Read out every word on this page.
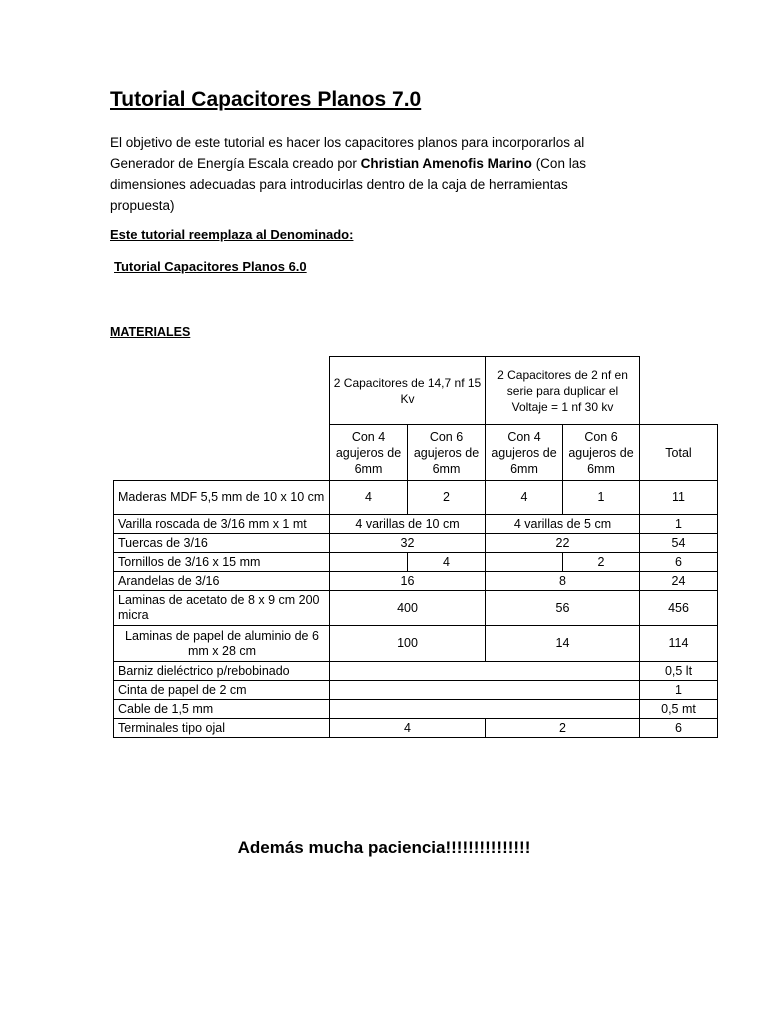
Tutorial Capacitores Planos 7.0
El objetivo de este tutorial es hacer los capacitores planos para incorporarlos al Generador de Energía Escala creado por Christian Amenofis Marino (Con las dimensiones adecuadas para introducirlas dentro de la caja de herramientas propuesta)
Este tutorial reemplaza al Denominado:
Tutorial Capacitores Planos 6.0
MATERIALES
	2 Capacitores de 14,7 nf 15 Kv		2 Capacitores de 2 nf en serie para duplicar el Voltaje = 1 nf 30 kv		
	Con 4 agujeros de 6mm	Con 6 agujeros de 6mm	Con 4 agujeros de 6mm	Con 6 agujeros de 6mm	Total
Maderas MDF 5,5 mm de 10 x 10 cm	4	2	4	1	11
Varilla roscada de 3/16 mm x 1 mt	4 varillas de 10 cm		4 varillas de 5 cm		1
Tuercas de 3/16	32		22		54
Tornillos de 3/16 x 15 mm		4		2	6
Arandelas de 3/16	16		8		24
Laminas de acetato de 8 x 9 cm 200 micra	400		56		456
Laminas de papel de aluminio de 6 mm x 28 cm	100		14		114
Barniz dieléctrico p/rebobinado					0,5 lt
Cinta de papel de 2 cm					1
Cable de 1,5 mm					0,5 mt
Terminales tipo ojal	4		2		6
Además mucha paciencia!!!!!!!!!!!!!!!
